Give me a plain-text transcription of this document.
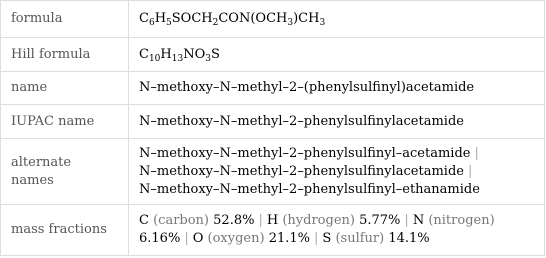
formula	$C_6H_5SOCH_2CON(OCH_3)CH_3$
Hill formula	$C_{10}H_{13}NO_3S$
name	N–methoxy–N–methyl–2–(phenylsulfinyl)acetamide
IUPAC name	N–methoxy–N–methyl–2–phenylsulfinylacetamide
alternate names	N–methoxy–N–methyl–2–phenylsulfinyl–acetamide |
N–methoxy–N–methyl–2–phenylsulfinylacetamide |
N–methoxy–N–methyl–2–phenylsulfinyl–ethanamide
mass fractions	C (carbon) 52.8% | H (hydrogen) 5.77% | N (nitrogen)
6.16% | O (oxygen) 21.1% | S (sulfur) 14.1%
